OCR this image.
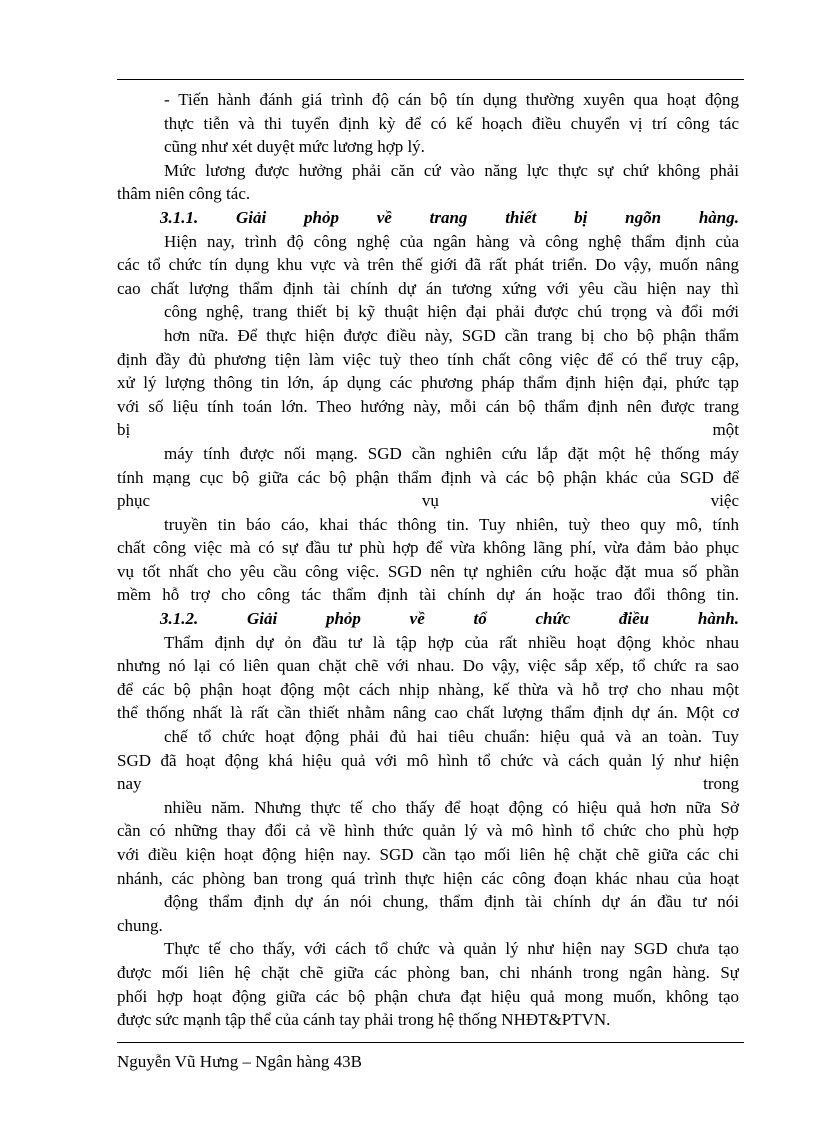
- Tiến hành đánh giá trình độ cán bộ tín dụng thường xuyên qua hoạt động
thực tiễn và thi tuyển định kỳ để có kế hoạch điều chuyển vị trí công tác
cũng như xét duyệt mức lương hợp lý.
Mức lương được hưởng phải căn cứ vào năng lực thực sự chứ không phải
thâm niên công tác.
3.1.1. Giải phỏp về trang thiết bị ngõn hàng.
Hiện nay, trình độ công nghệ của ngân hàng và công nghệ thẩm định của
các tổ chức tín dụng khu vực và trên thế giới đã rất phát triển. Do vậy, muốn nâng
cao chất lượng thẩm định tài chính dự án tương xứng với yêu cầu hiện nay thì
công nghệ, trang thiết bị kỹ thuật hiện đại phải được chú trọng và đổi mới
hơn nữa. Để thực hiện được điều này, SGD cần trang bị cho bộ phận thẩm
định đầy đủ phương tiện làm việc tuỳ theo tính chất công việc để có thể truy cập,
xử lý lượng thông tin lớn, áp dụng các phương pháp thẩm định hiện đại, phức tạp
với số liệu tính toán lớn. Theo hướng này, mỗi cán bộ thẩm định nên được trang
bị một
máy tính được nối mạng. SGD cần nghiên cứu lắp đặt một hệ thống máy
tính mạng cục bộ giữa các bộ phận thẩm định và các bộ phận khác của SGD để
phục vụ việc
truyền tin báo cáo, khai thác thông tin. Tuy nhiên, tuỳ theo quy mô, tính
chất công việc mà có sự đầu tư phù hợp để vừa không lãng phí, vừa đảm bảo phục
vụ tốt nhất cho yêu cầu công việc. SGD nên tự nghiên cứu hoặc đặt mua số phần
mềm hỗ trợ cho công tác thẩm định tài chính dự án hoặc trao đổi thông tin.
3.1.2. Giải phỏp về tổ chức điều hành.
Thẩm định dự ỏn đầu tư là tập hợp của rất nhiều hoạt động khỏc nhau
nhưng nó lại có liên quan chặt chẽ với nhau. Do vậy, việc sắp xếp, tổ chức ra sao
để các bộ phận hoạt động một cách nhịp nhàng, kế thừa và hỗ trợ cho nhau một
thể thống nhất là rất cần thiết nhằm nâng cao chất lượng thẩm định dự án. Một cơ
chế tổ chức hoạt động phải đủ hai tiêu chuẩn: hiệu quả và an toàn. Tuy
SGD đã hoạt động khá hiệu quả với mô hình tổ chức và cách quản lý như hiện
nay trong
nhiều năm. Nhưng thực tế cho thấy để hoạt động có hiệu quả hơn nữa Sở
cần có những thay đổi cả về hình thức quản lý và mô hình tổ chức cho phù hợp
với điều kiện hoạt động hiện nay. SGD cần tạo mối liên hệ chặt chẽ giữa các chi
nhánh, các phòng ban trong quá trình thực hiện các công đoạn khác nhau của hoạt
động thẩm định dự án nói chung, thẩm định tài chính dự án đầu tư nói
chung.
Thực tế cho thấy, với cách tổ chức và quản lý như hiện nay SGD chưa tạo
được mối liên hệ chặt chẽ giữa các phòng ban, chi nhánh trong ngân hàng. Sự
phối hợp hoạt động giữa các bộ phận chưa đạt hiệu quả mong muốn, không tạo
được sức mạnh tập thể của cánh tay phải trong hệ thống NHĐT&PTVN.
Nguyễn Vũ Hưng – Ngân hàng 43B
